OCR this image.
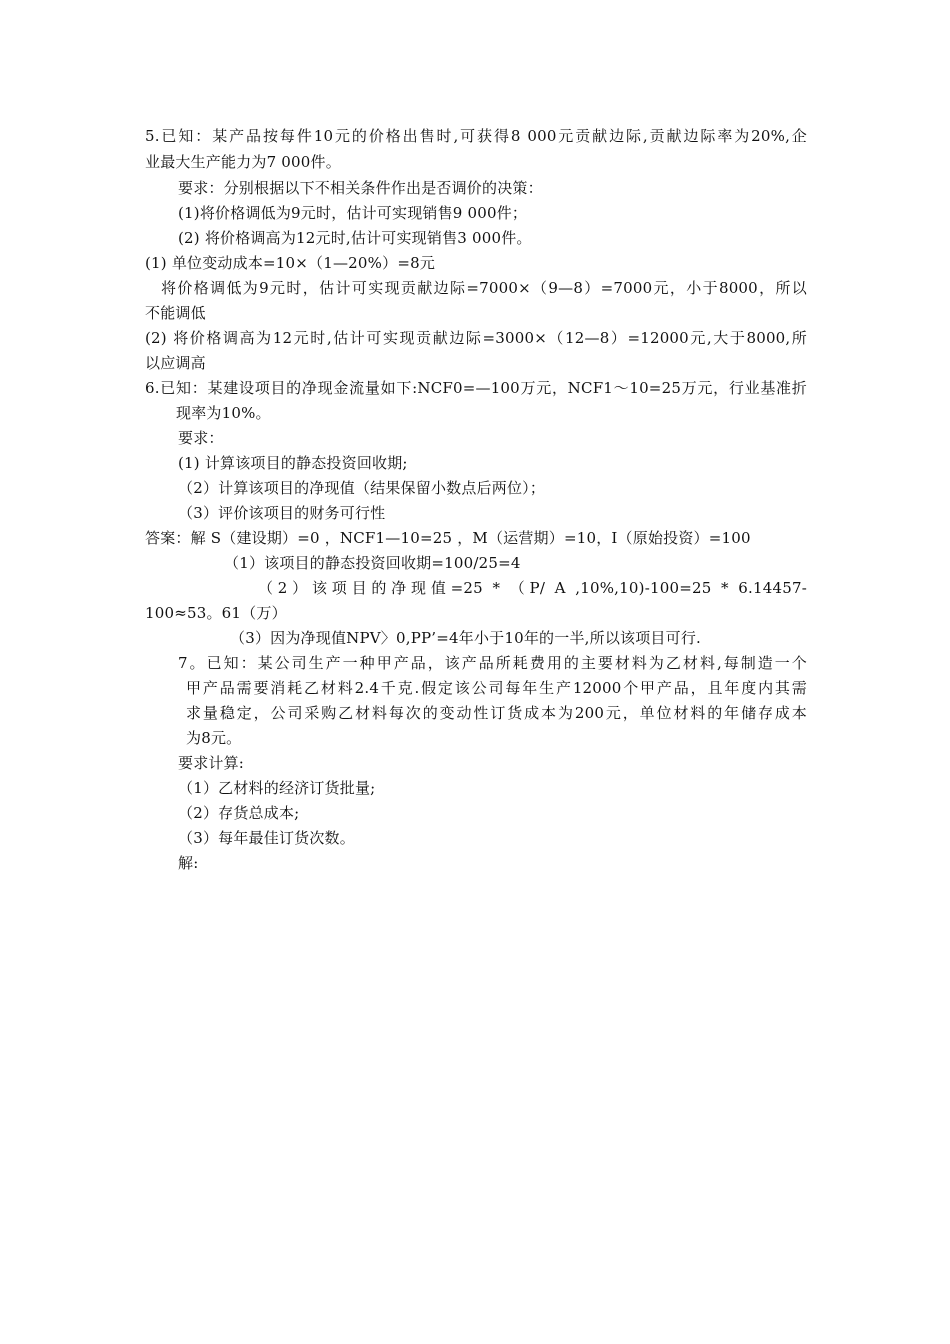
5.已知：某产品按每件10元的价格出售时,可获得8 000元贡献边际,贡献边际率为20%,企
业最大生产能力为7 000件。
要求：分别根据以下不相关条件作出是否调价的决策：
(1)将价格调低为9元时，估计可实现销售9 000件；
(2) 将价格调高为12元时,估计可实现销售3 000件。
(1) 单位变动成本=10×（1—20%）=8元
将价格调低为9元时，估计可实现贡献边际=7000×（9—8）=7000元，小于8000，所以
不能调低
(2) 将价格调高为12元时,估计可实现贡献边际=3000×（12—8）=12000元,大于8000,所
以应调高
6.已知：某建设项目的净现金流量如下:NCF0=—100万元，NCF1～10=25万元，行业基准折
现率为10%。
要求：
(1) 计算该项目的静态投资回收期;
（2）计算该项目的净现值（结果保留小数点后两位）；
（3）评价该项目的财务可行性
答案：解 S（建设期）=0 ，NCF1—10=25 ，M（运营期）=10，I（原始投资）=100
（1）该项目的静态投资回收期=100/25=4
（2）该项目的净现值=25 * （P/ A ,10%,10)-100=25 * 6.14457-
100≈53。61（万）
（3）因为净现值NPV〉0,PP’=4年小于10年的一半,所以该项目可行.
7。已知：某公司生产一种甲产品，该产品所耗费用的主要材料为乙材料,每制造一个
甲产品需要消耗乙材料2.4千克.假定该公司每年生产12000个甲产品，且年度内其需
求量稳定，公司采购乙材料每次的变动性订货成本为200元，单位材料的年储存成本
为8元。
要求计算:
（1）乙材料的经济订货批量;
（2）存货总成本;
（3）每年最佳订货次数。
解:
